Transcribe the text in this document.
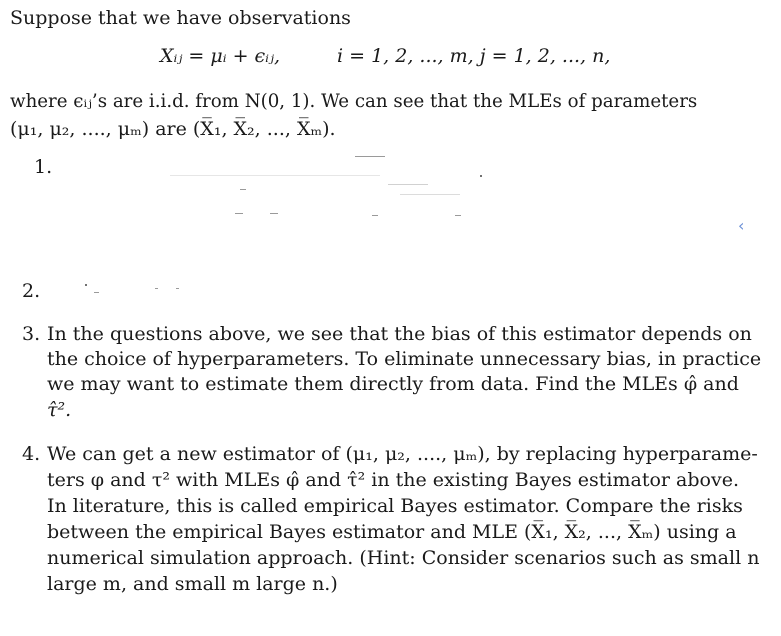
Suppose that we have observations
Xᵢⱼ = μᵢ + ϵᵢⱼ,	i = 1, 2, ..., m, j = 1, 2, ..., n,
where ϵᵢⱼ’s are i.i.d. from N(0, 1). We can see that the MLEs of parameters
(μ₁, μ₂, ...., μₘ) are (X̅₁, X̅₂, ..., X̅ₘ).
1.
‹
2.
3. In the questions above, we see that the bias of this estimator depends on
the choice of hyperparameters. To eliminate unnecessary bias, in practice
we may want to estimate them directly from data. Find the MLEs φ̂ and
τ̂².
4. We can get a new estimator of (μ₁, μ₂, ...., μₘ), by replacing hyperparame-
ters φ and τ² with MLEs φ̂ and τ̂² in the existing Bayes estimator above.
In literature, this is called empirical Bayes estimator. Compare the risks
between the empirical Bayes estimator and MLE (X̅₁, X̅₂, ..., X̅ₘ) using a
numerical simulation approach. (Hint: Consider scenarios such as small n
large m, and small m large n.)
